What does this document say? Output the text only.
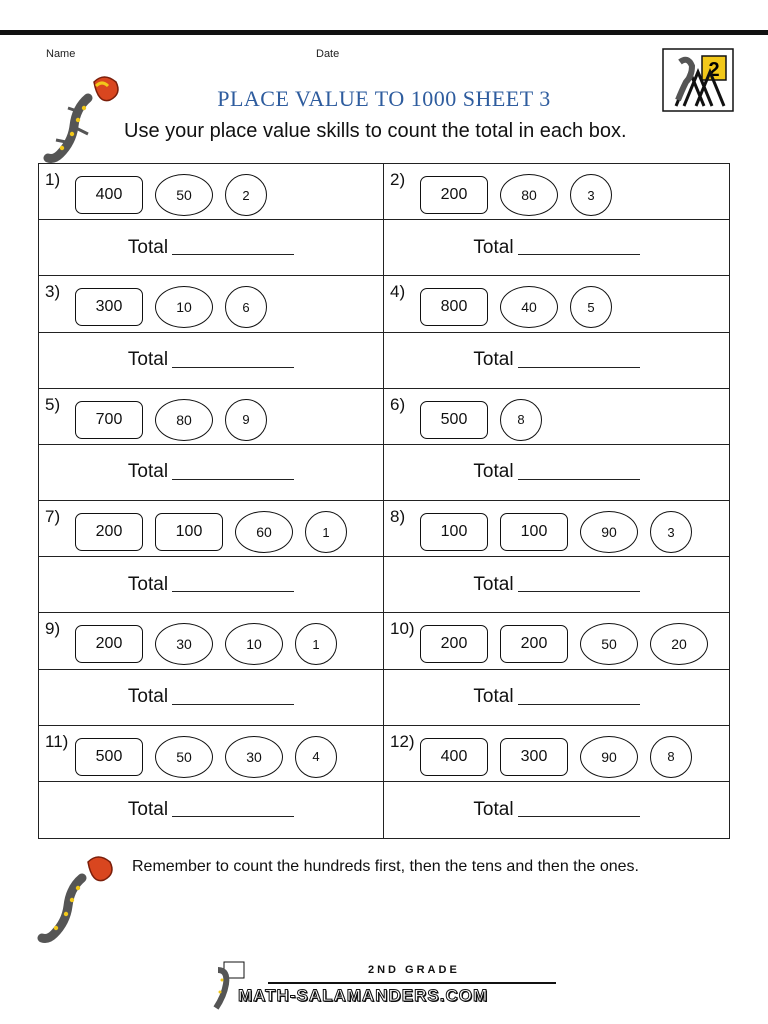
Name	Date
PLACE VALUE TO 1000 SHEET 3
Use your place value skills to count the total in each box.
2
1)
400	50	2
2)
200	80	3
Total	Total
3)
300	10	6
4)
800	40	5
Total	Total
5)
700	80	9
6)
500	8
Total	Total
7)
200	100	60	1
8)
100	100	90	3
Total	Total
9)
200	30	10	1
10)
200	200	50	20
Total	Total
11)
500	50	30	4
12)
400	300	90	8
Total	Total
Remember to count the hundreds first, then the tens and then the ones.
2ND GRADE
MATH-SALAMANDERS.COM
